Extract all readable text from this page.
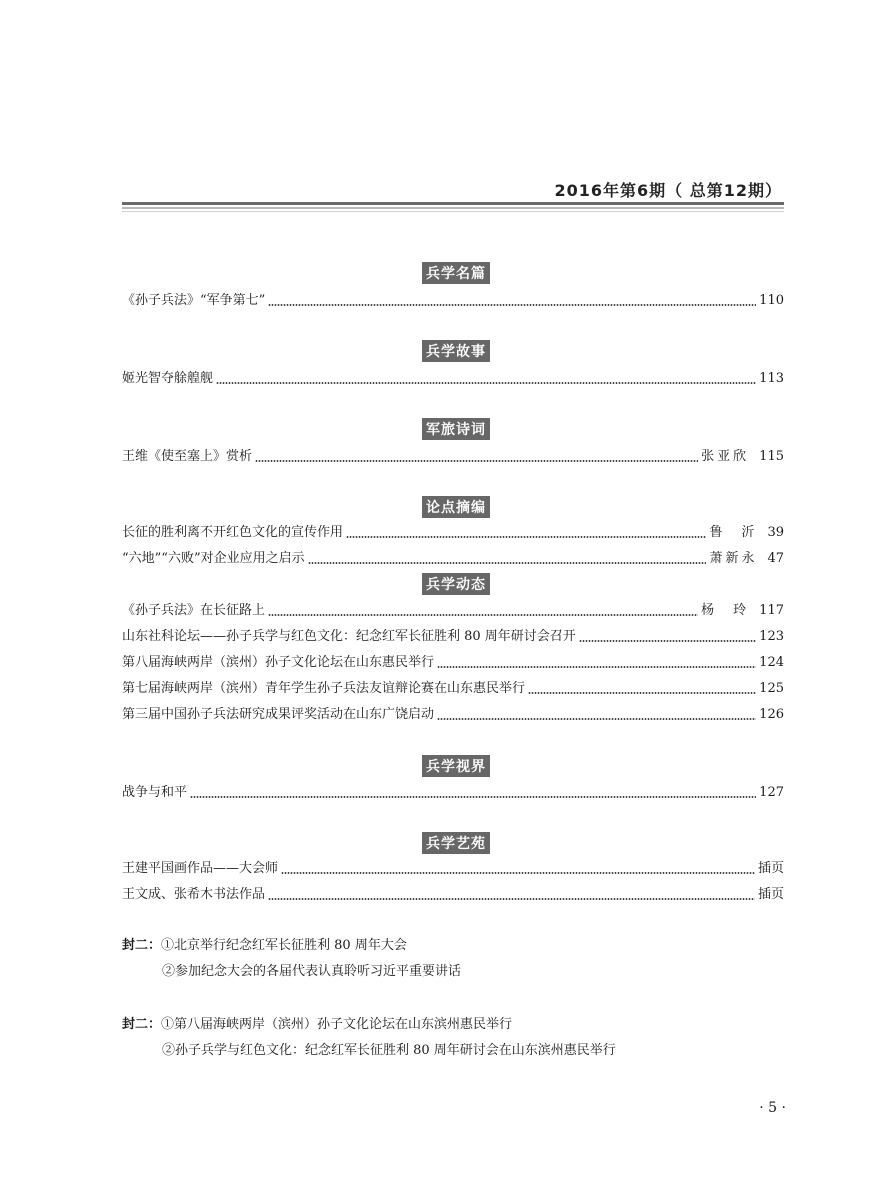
2016年第6期（ 总第12期）
兵学名篇
《孙子兵法》“军争第七”	110
兵学故事
姬光智夺艅艎舰	113
军旅诗词
王维《使至塞上》赏析	张亚欣 115
论点摘编
长征的胜利离不开红色文化的宣传作用	鲁　沂 39
“六地”“六败”对企业应用之启示	萧新永 47
兵学动态
《孙子兵法》在长征路上	杨　玲 117
山东社科论坛——孙子兵学与红色文化：纪念红军长征胜利 80 周年研讨会召开	123
第八届海峡两岸（滨州）孙子文化论坛在山东惠民举行	124
第七届海峡两岸（滨州）青年学生孙子兵法友谊辩论赛在山东惠民举行	125
第三届中国孙子兵法研究成果评奖活动在山东广饶启动	126
兵学视界
战争与和平	127
兵学艺苑
王建平国画作品——大会师	插页
王文成、张希木书法作品	插页
封二：①北京举行纪念红军长征胜利 80 周年大会
②参加纪念大会的各届代表认真聆听习近平重要讲话
封二：①第八届海峡两岸（滨州）孙子文化论坛在山东滨州惠民举行
②孙子兵学与红色文化：纪念红军长征胜利 80 周年研讨会在山东滨州惠民举行
· 5 ·
